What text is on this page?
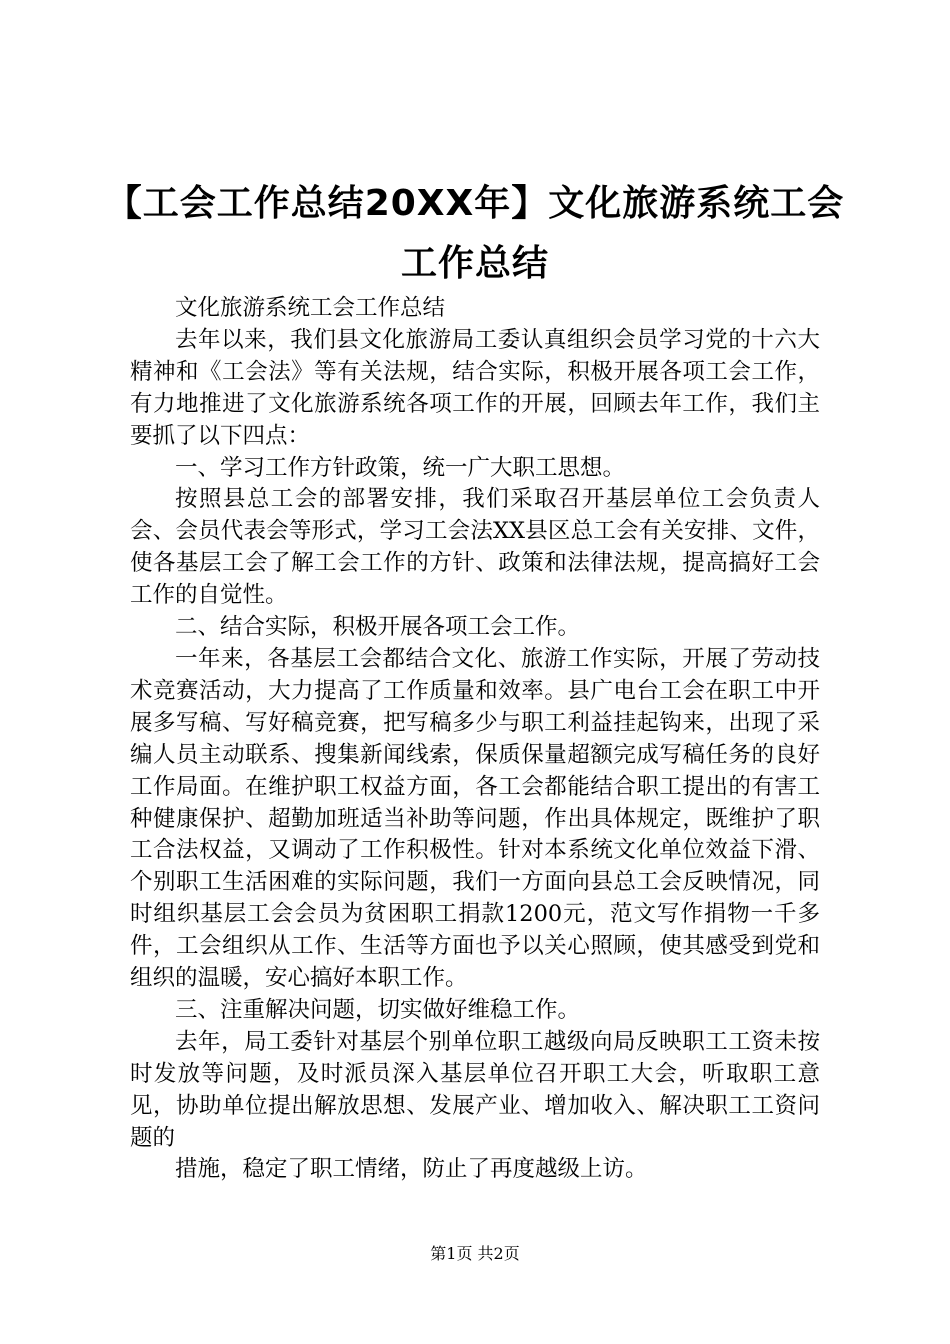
【工会工作总结20XX年】文化旅游系统工会
工作总结

文化旅游系统工会工作总结

去年以来，我们县文化旅游局工委认真组织会员学习党的十六大精神和《工会法》等有关法规，结合实际，积极开展各项工会工作，有力地推进了文化旅游系统各项工作的开展，回顾去年工作，我们主要抓了以下四点：

一、学习工作方针政策，统一广大职工思想。

按照县总工会的部署安排，我们采取召开基层单位工会负责人会、会员代表会等形式，学习工会法XX县区总工会有关安排、文件，使各基层工会了解工会工作的方针、政策和法律法规，提高搞好工会工作的自觉性。

二、结合实际，积极开展各项工会工作。

一年来，各基层工会都结合文化、旅游工作实际，开展了劳动技术竞赛活动，大力提高了工作质量和效率。县广电台工会在职工中开展多写稿、写好稿竞赛，把写稿多少与职工利益挂起钩来，出现了采编人员主动联系、搜集新闻线索，保质保量超额完成写稿任务的良好工作局面。在维护职工权益方面，各工会都能结合职工提出的有害工种健康保护、超勤加班适当补助等问题，作出具体规定，既维护了职工合法权益，又调动了工作积极性。针对本系统文化单位效益下滑、个别职工生活困难的实际问题，我们一方面向县总工会反映情况，同时组织基层工会会员为贫困职工捐款1200元，范文写作捐物一千多件，工会组织从工作、生活等方面也予以关心照顾，使其感受到党和组织的温暖，安心搞好本职工作。

三、注重解决问题，切实做好维稳工作。

去年，局工委针对基层个别单位职工越级向局反映职工工资未按时发放等问题，及时派员深入基层单位召开职工大会，听取职工意见，协助单位提出解放思想、发展产业、增加收入、解决职工工资问题的

措施，稳定了职工情绪，防止了再度越级上访。

第1页 共2页
